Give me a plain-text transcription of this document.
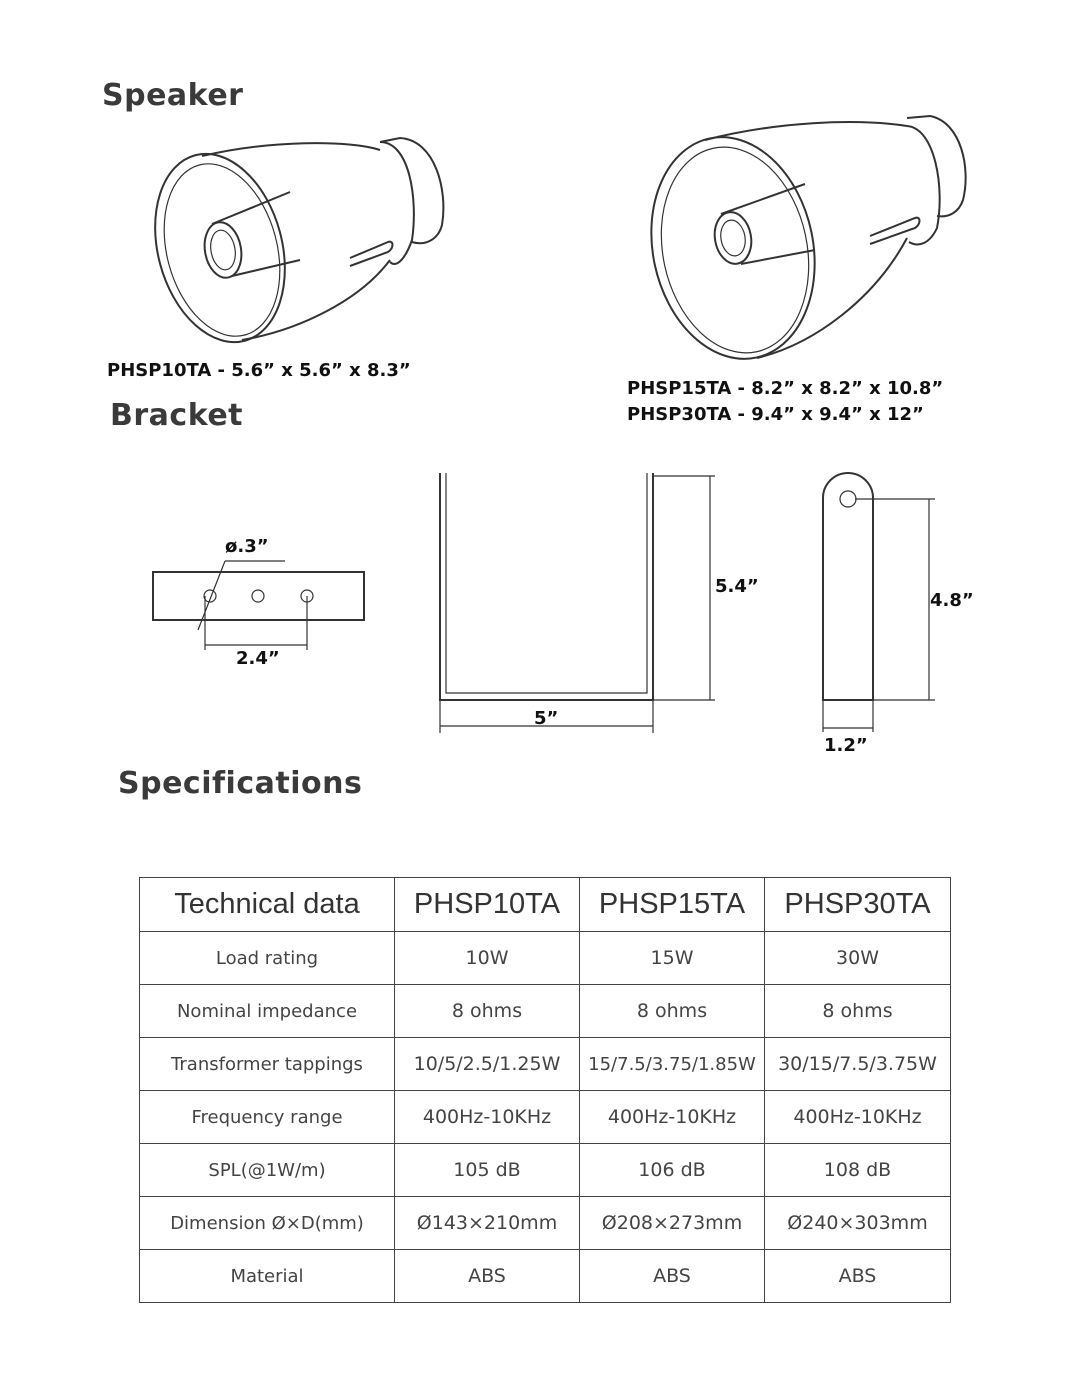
Speaker
Bracket
Specifications
PHSP10TA - 5.6” x 5.6” x 8.3”
PHSP15TA - 8.2” x 8.2” x 10.8”
PHSP30TA - 9.4” x 9.4” x 12”
ø.3”
2.4”
5.4”
5”
4.8”
1.2”
Technical data	PHSP10TA	PHSP15TA	PHSP30TA
Load rating	10W	15W	30W
Nominal impedance	8 ohms	8 ohms	8 ohms
Transformer tappings	10/5/2.5/1.25W	15/7.5/3.75/1.85W	30/15/7.5/3.75W
Frequency range	400Hz-10KHz	400Hz-10KHz	400Hz-10KHz
SPL(@1W/m)	105 dB	106 dB	108 dB
Dimension Ø×D(mm)	Ø143×210mm	Ø208×273mm	Ø240×303mm
Material	ABS	ABS	ABS
